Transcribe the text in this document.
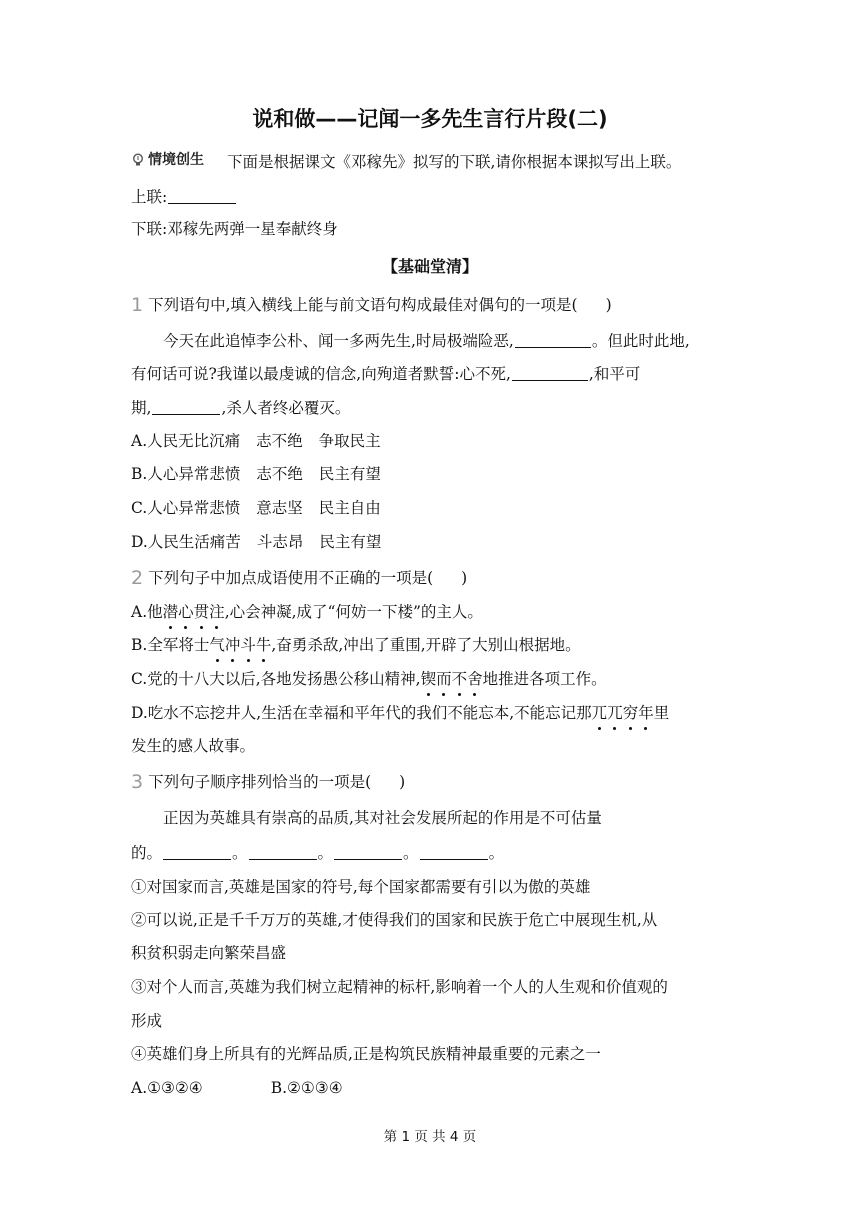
说和做——记闻一多先生言行片段(二)
情境创生 下面是根据课文《邓稼先》拟写的下联,请你根据本课拟写出上联。
上联:
下联:邓稼先两弹一星奉献终身
【基础堂清】
1 下列语句中,填入横线上能与前文语句构成最佳对偶句的一项是( )
今天在此追悼李公朴、闻一多两先生,时局极端险恶,	。但此时此地,
有何话可说?我谨以最虔诚的信念,向殉道者默誓:心不死,	,和平可
期,	,杀人者终必覆灭。
A.人民无比沉痛 志不绝 争取民主
B.人心异常悲愤 志不绝 民主有望
C.人心异常悲愤 意志坚 民主自由
D.人民生活痛苦 斗志昂 民主有望
2 下列句子中加点成语使用不正确的一项是( )
A.他潜心贯注,心会神凝,成了“何妨一下楼”的主人。
B.全军将士气冲斗牛,奋勇杀敌,冲出了重围,开辟了大别山根据地。
C.党的十八大以后,各地发扬愚公移山精神,锲而不舍地推进各项工作。
D.吃水不忘挖井人,生活在幸福和平年代的我们不能忘本,不能忘记那兀兀穷年里
发生的感人故事。
3 下列句子顺序排列恰当的一项是( )
正因为英雄具有崇高的品质,其对社会发展所起的作用是不可估量
的。	。	。	。	。
①对国家而言,英雄是国家的符号,每个国家都需要有引以为傲的英雄
②可以说,正是千千万万的英雄,才使得我们的国家和民族于危亡中展现生机,从
积贫积弱走向繁荣昌盛
③对个人而言,英雄为我们树立起精神的标杆,影响着一个人的人生观和价值观的
形成
④英雄们身上所具有的光辉品质,正是构筑民族精神最重要的元素之一
A.①③②④	B.②①③④
第 1 页 共 4 页
